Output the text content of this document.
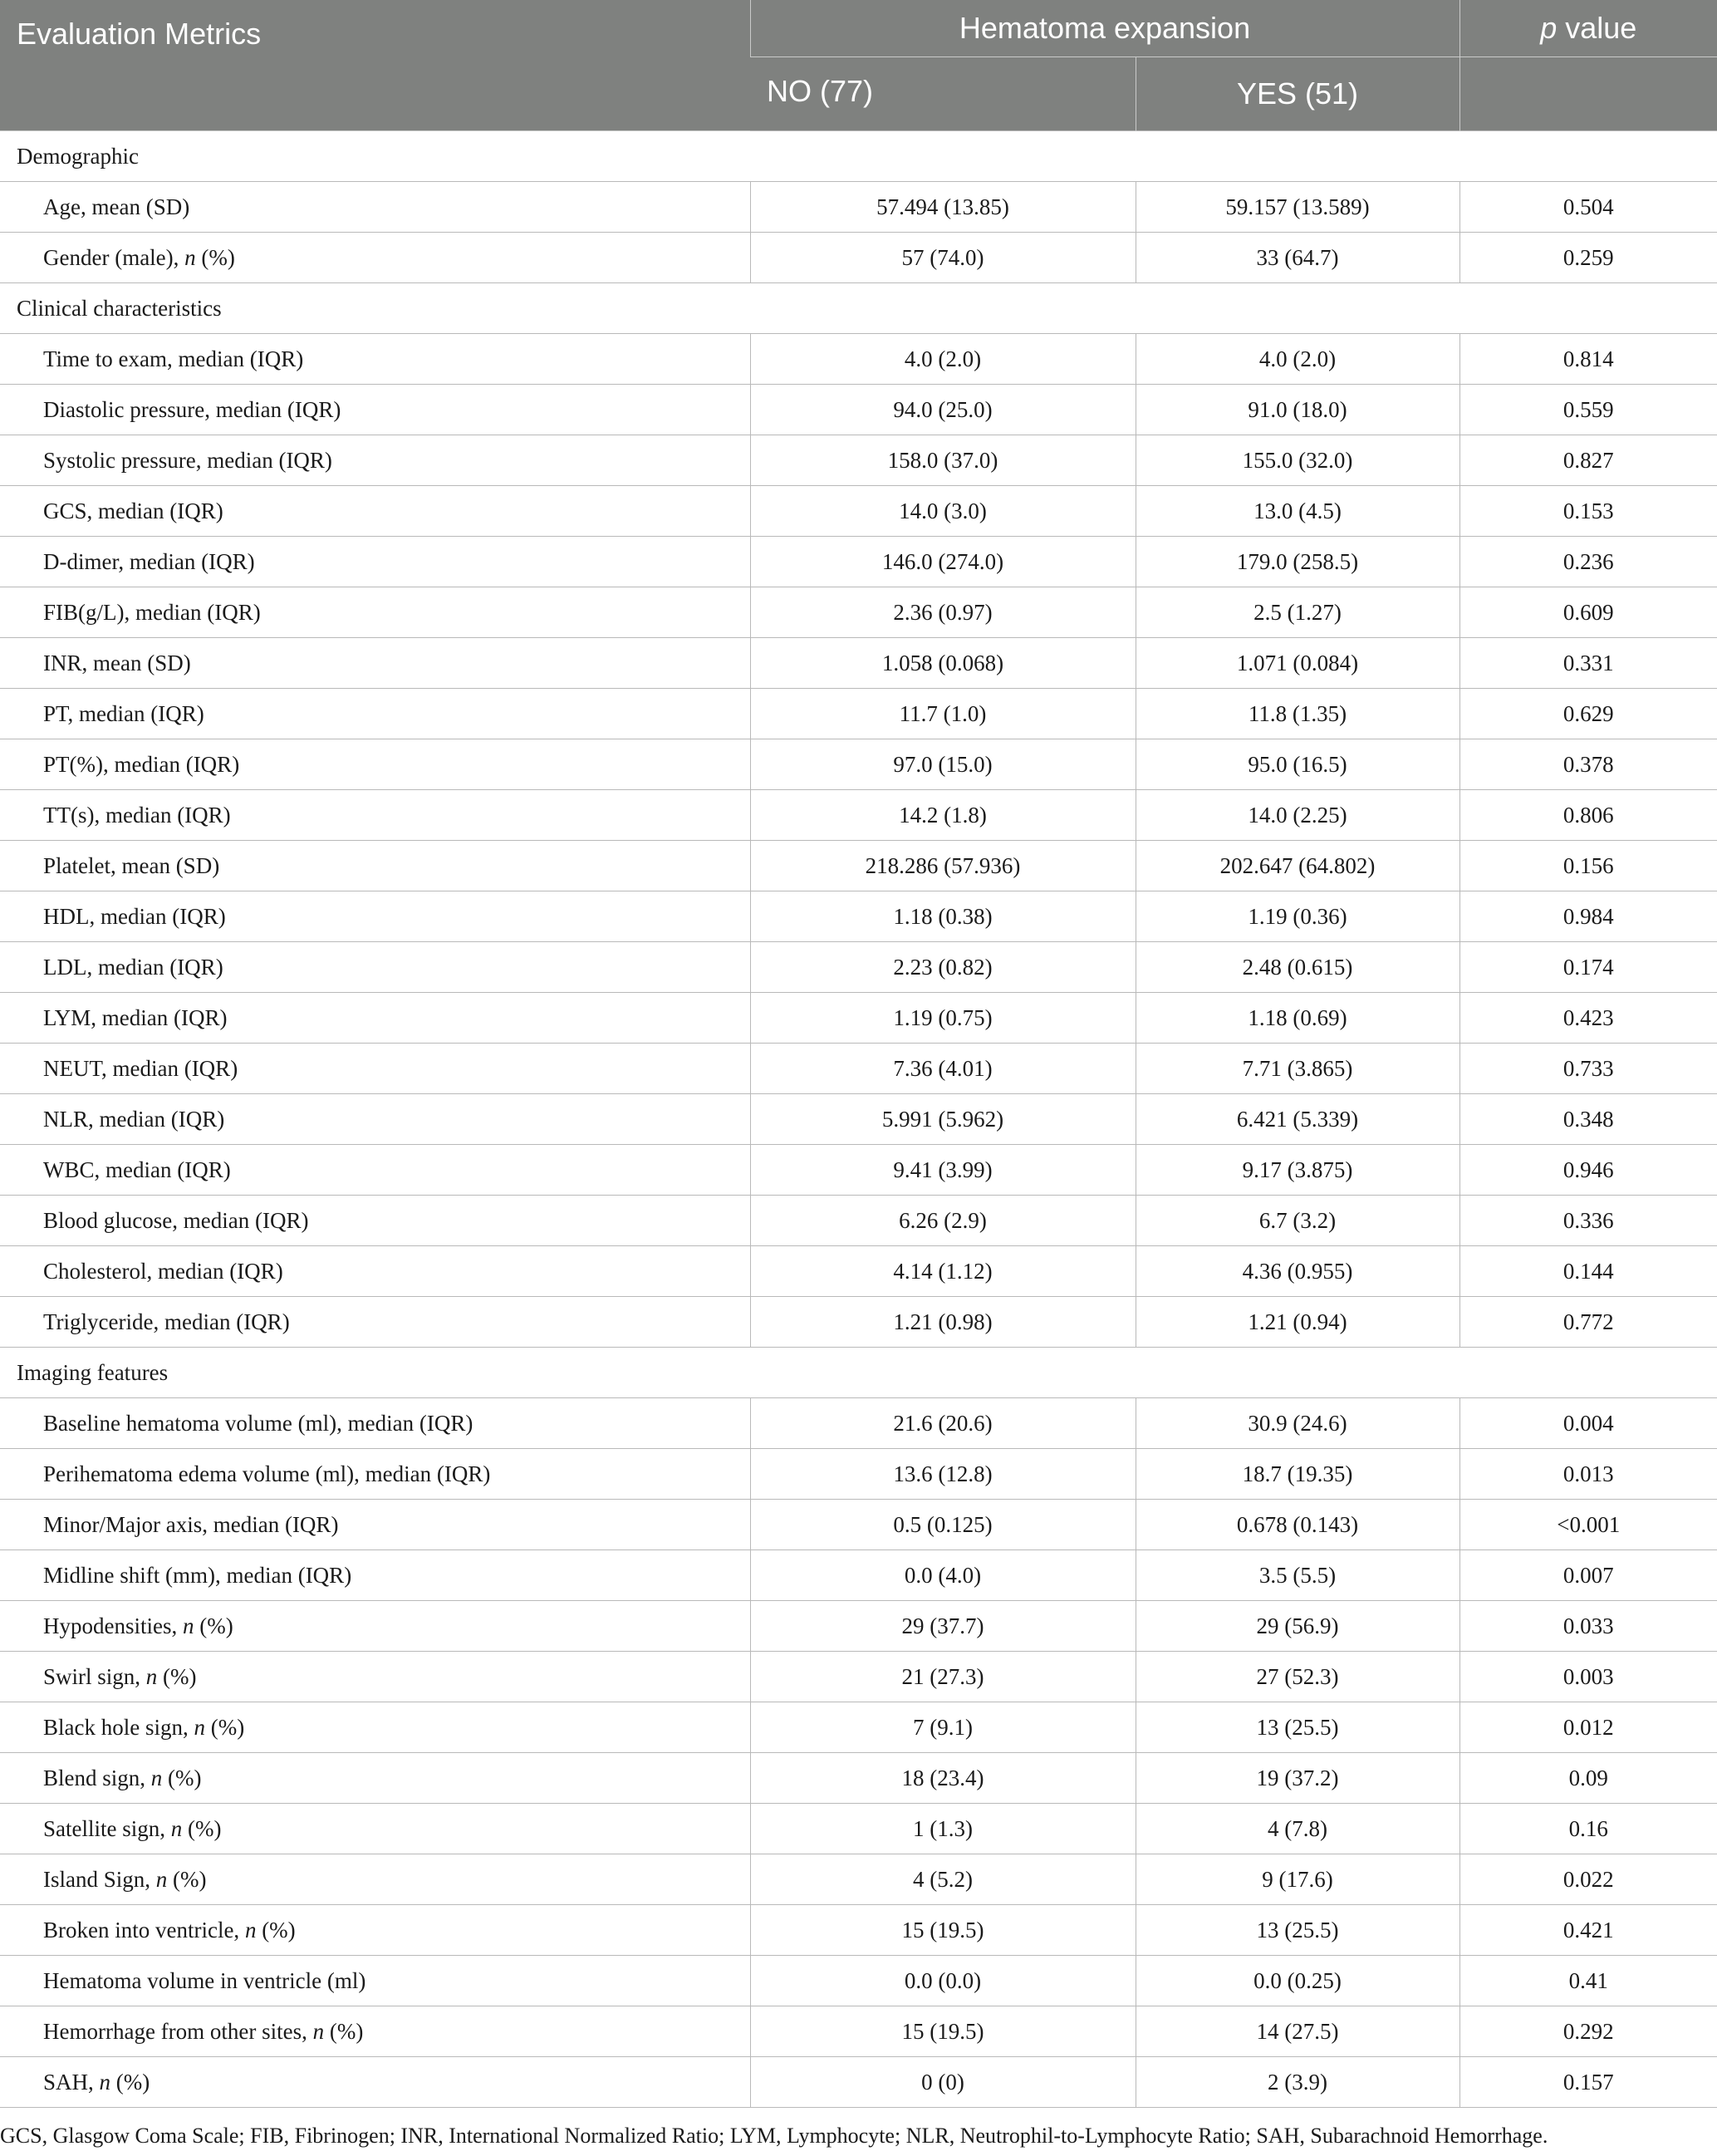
Evaluation Metrics	Hematoma expansion		p value
	NO (77)	YES (51)	
Demographic			
Age, mean (SD)	57.494 (13.85)	59.157 (13.589)	0.504
Gender (male), n (%)	57 (74.0)	33 (64.7)	0.259
Clinical characteristics			
Time to exam, median (IQR)	4.0 (2.0)	4.0 (2.0)	0.814
Diastolic pressure, median (IQR)	94.0 (25.0)	91.0 (18.0)	0.559
Systolic pressure, median (IQR)	158.0 (37.0)	155.0 (32.0)	0.827
GCS, median (IQR)	14.0 (3.0)	13.0 (4.5)	0.153
D-dimer, median (IQR)	146.0 (274.0)	179.0 (258.5)	0.236
FIB(g/L), median (IQR)	2.36 (0.97)	2.5 (1.27)	0.609
INR, mean (SD)	1.058 (0.068)	1.071 (0.084)	0.331
PT, median (IQR)	11.7 (1.0)	11.8 (1.35)	0.629
PT(%), median (IQR)	97.0 (15.0)	95.0 (16.5)	0.378
TT(s), median (IQR)	14.2 (1.8)	14.0 (2.25)	0.806
Platelet, mean (SD)	218.286 (57.936)	202.647 (64.802)	0.156
HDL, median (IQR)	1.18 (0.38)	1.19 (0.36)	0.984
LDL, median (IQR)	2.23 (0.82)	2.48 (0.615)	0.174
LYM, median (IQR)	1.19 (0.75)	1.18 (0.69)	0.423
NEUT, median (IQR)	7.36 (4.01)	7.71 (3.865)	0.733
NLR, median (IQR)	5.991 (5.962)	6.421 (5.339)	0.348
WBC, median (IQR)	9.41 (3.99)	9.17 (3.875)	0.946
Blood glucose, median (IQR)	6.26 (2.9)	6.7 (3.2)	0.336
Cholesterol, median (IQR)	4.14 (1.12)	4.36 (0.955)	0.144
Triglyceride, median (IQR)	1.21 (0.98)	1.21 (0.94)	0.772
Imaging features			
Baseline hematoma volume (ml), median (IQR)	21.6 (20.6)	30.9 (24.6)	0.004
Perihematoma edema volume (ml), median (IQR)	13.6 (12.8)	18.7 (19.35)	0.013
Minor/Major axis, median (IQR)	0.5 (0.125)	0.678 (0.143)	<0.001
Midline shift (mm), median (IQR)	0.0 (4.0)	3.5 (5.5)	0.007
Hypodensities, n (%)	29 (37.7)	29 (56.9)	0.033
Swirl sign, n (%)	21 (27.3)	27 (52.3)	0.003
Black hole sign, n (%)	7 (9.1)	13 (25.5)	0.012
Blend sign, n (%)	18 (23.4)	19 (37.2)	0.09
Satellite sign, n (%)	1 (1.3)	4 (7.8)	0.16
Island Sign, n (%)	4 (5.2)	9 (17.6)	0.022
Broken into ventricle, n (%)	15 (19.5)	13 (25.5)	0.421
Hematoma volume in ventricle (ml)	0.0 (0.0)	0.0 (0.25)	0.41
Hemorrhage from other sites, n (%)	15 (19.5)	14 (27.5)	0.292
SAH, n (%)	0 (0)	2 (3.9)	0.157
GCS, Glasgow Coma Scale; FIB, Fibrinogen; INR, International Normalized Ratio; LYM, Lymphocyte; NLR, Neutrophil-to-Lymphocyte Ratio; SAH, Subarachnoid Hemorrhage.
